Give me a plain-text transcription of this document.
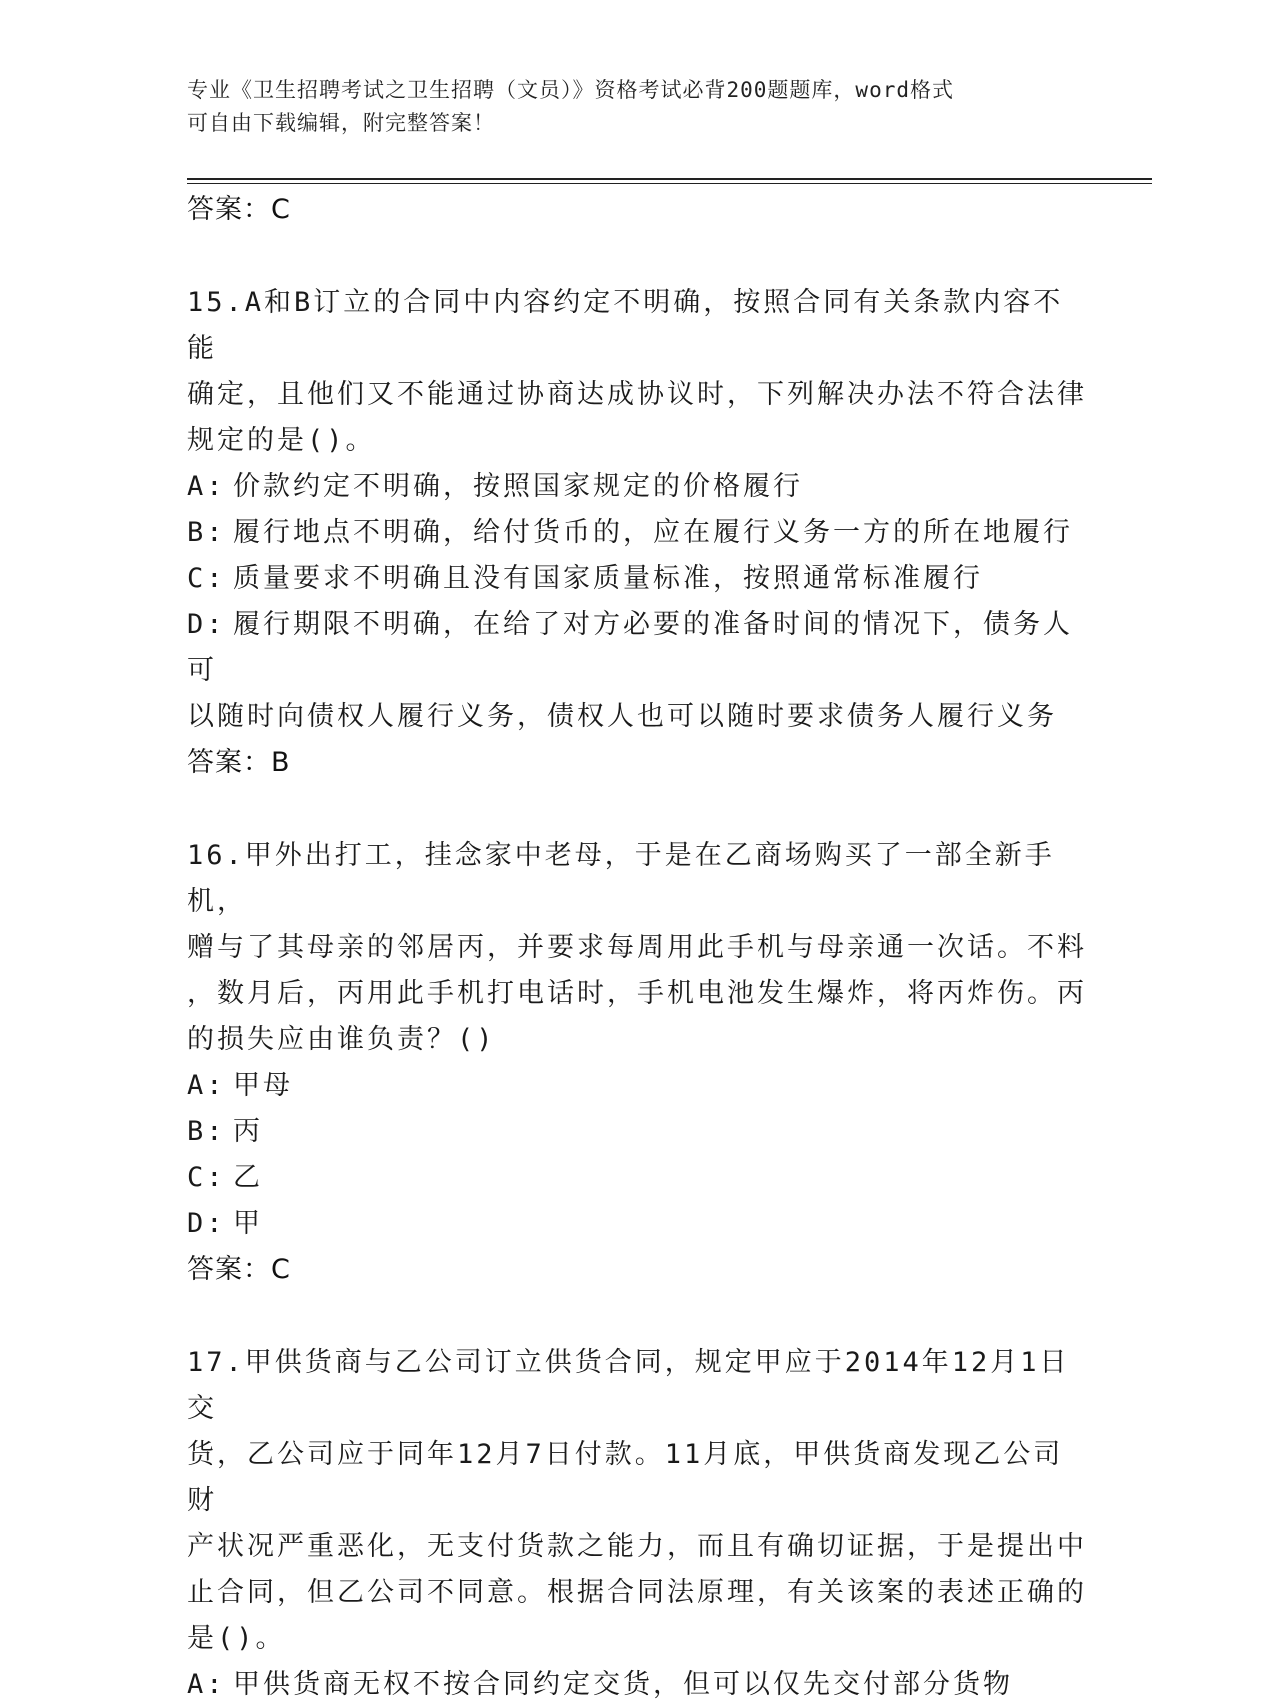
专业《卫生招聘考试之卫生招聘（文员）》资格考试必背200题题库，word格式
可自由下载编辑，附完整答案！

答案：C

15.A和B订立的合同中内容约定不明确，按照合同有关条款内容不能

确定，且他们又不能通过协商达成协议时，下列解决办法不符合法律

规定的是()。

A: 价款约定不明确，按照国家规定的价格履行

B: 履行地点不明确，给付货币的，应在履行义务一方的所在地履行

C: 质量要求不明确且没有国家质量标准，按照通常标准履行

D: 履行期限不明确，在给了对方必要的准备时间的情况下，债务人可

以随时向债权人履行义务，债权人也可以随时要求债务人履行义务

答案：B

16.甲外出打工，挂念家中老母，于是在乙商场购买了一部全新手机，

赠与了其母亲的邻居丙，并要求每周用此手机与母亲通一次话。不料

，数月后，丙用此手机打电话时，手机电池发生爆炸，将丙炸伤。丙

的损失应由谁负责？()

A: 甲母

B: 丙

C: 乙

D: 甲

答案：C

17.甲供货商与乙公司订立供货合同，规定甲应于2014年12月1日交

货，乙公司应于同年12月7日付款。11月底，甲供货商发现乙公司财

产状况严重恶化，无支付货款之能力，而且有确切证据，于是提出中

止合同，但乙公司不同意。根据合同法原理，有关该案的表述正确的

是()。

A: 甲供货商无权不按合同约定交货，但可以仅先交付部分货物
